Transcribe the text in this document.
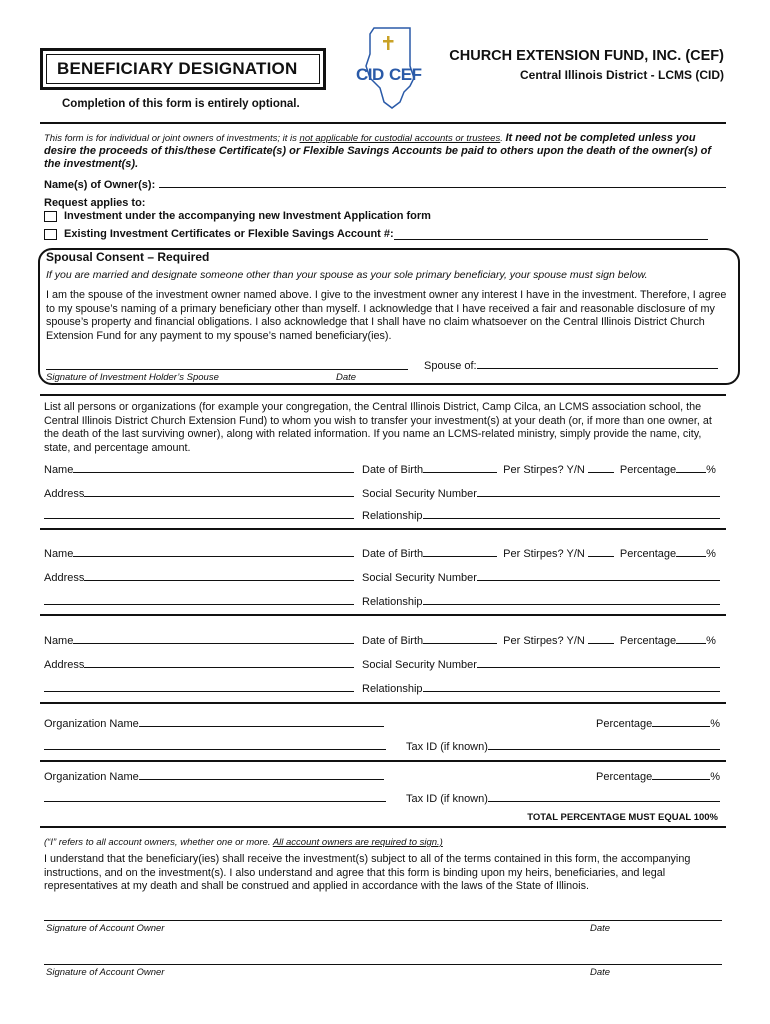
BENEFICIARY DESIGNATION	CID CEF
CHURCH EXTENSION FUND, INC. (CEF)
Central Illinois District - LCMS (CID)
Completion of this form is entirely optional.
This form is for individual or joint owners of investments; it is not applicable for custodial accounts or trustees. It need not be completed unless you desire the proceeds of this/these Certificate(s) or Flexible Savings Accounts be paid to others upon the death of the owner(s) of the investment(s).
Name(s) of Owner(s):
Request applies to:
Investment under the accompanying new Investment Application form
Existing Investment Certificates or Flexible Savings Account #:
Spousal Consent – Required
If you are married and designate someone other than your spouse as your sole primary beneficiary, your spouse must sign below.
I am the spouse of the investment owner named above. I give to the investment owner any interest I have in the investment. Therefore, I agree to my spouse’s naming of a primary beneficiary other than myself. I acknowledge that I have received a fair and reasonable disclosure of my spouse’s property and financial obligations. I also acknowledge that I shall have no claim whatsoever on the Central Illinois District Church Extension Fund for any payment to my spouse’s named beneficiary(ies).
Spouse of:
Signature of Investment Holder’s Spouse	Date
List all persons or organizations (for example your congregation, the Central Illinois District, Camp Cilca, an LCMS association school, the Central Illinois District Church Extension Fund) to whom you wish to transfer your investment(s) at your death (or, if more than one owner, at the death of the last surviving owner), along with related information. If you name an LCMS-related ministry, simply provide the name, city, state, and percentage amount.
Name	Date of Birth	Per Stirpes? Y/N	Percentage	%
Address	Social Security Number
Relationship
Name	Date of Birth	Per Stirpes? Y/N	Percentage	%
Address	Social Security Number
Relationship
Name	Date of Birth	Per Stirpes? Y/N	Percentage	%
Address	Social Security Number
Relationship
Organization Name	Percentage	%
Tax ID (if known)
Organization Name	Percentage	%
Tax ID (if known)
TOTAL PERCENTAGE MUST EQUAL 100%
(“I” refers to all account owners, whether one or more. All account owners are required to sign.)
I understand that the beneficiary(ies) shall receive the investment(s) subject to all of the terms contained in this form, the accompanying instructions, and on the investment(s). I also understand and agree that this form is binding upon my heirs, beneficiaries, and legal representatives at my death and shall be construed and applied in accordance with the laws of the State of Illinois.
Signature of Account Owner	Date
Signature of Account Owner	Date
